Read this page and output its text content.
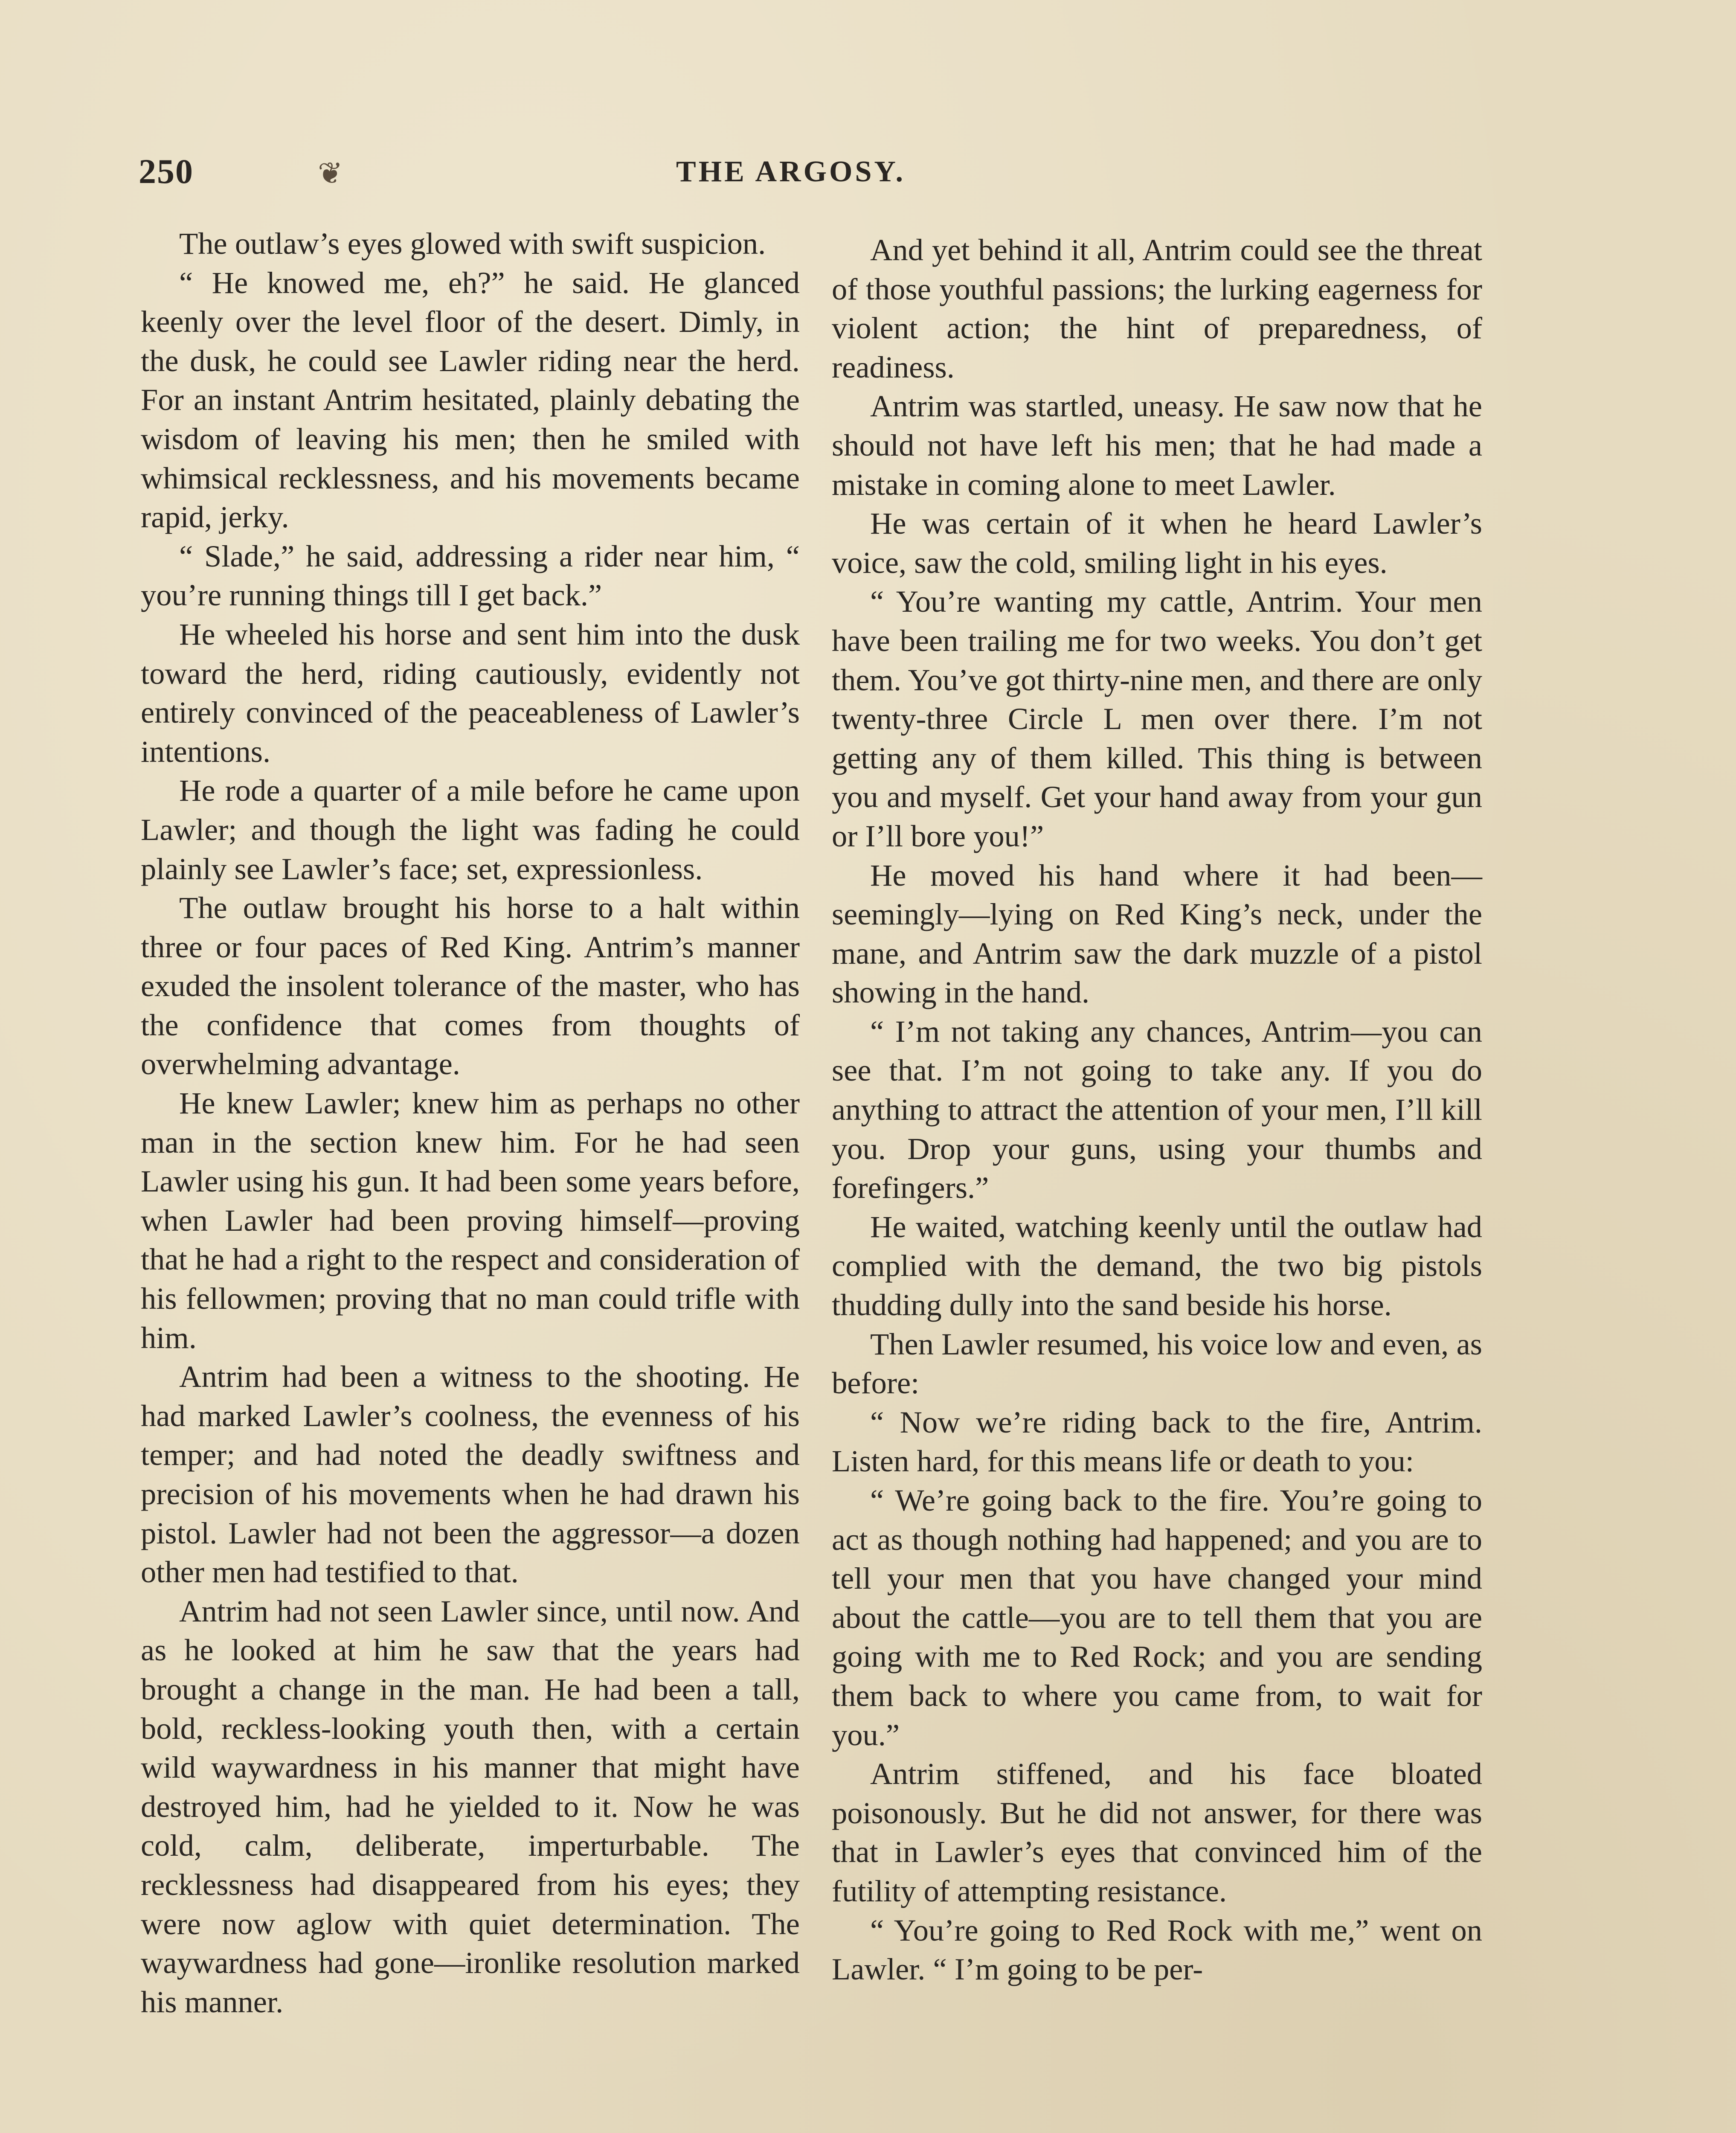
250	❦	THE ARGOSY.

The outlaw’s eyes glowed with swift suspicion.

“ He knowed me, eh?” he said. He glanced keenly over the level floor of the desert. Dimly, in the dusk, he could see Lawler riding near the herd. For an instant Antrim hesitated, plainly debating the wisdom of leaving his men; then he smiled with whimsical recklessness, and his movements became rapid, jerky.

“ Slade,” he said, addressing a rider near him, “ you’re running things till I get back.”

He wheeled his horse and sent him into the dusk toward the herd, riding cautiously, evidently not entirely convinced of the peaceableness of Lawler’s intentions.

He rode a quarter of a mile before he came upon Lawler; and though the light was fading he could plainly see Lawler’s face; set, expressionless.

The outlaw brought his horse to a halt within three or four paces of Red King. Antrim’s manner exuded the insolent tolerance of the master, who has the confidence that comes from thoughts of overwhelming advantage.

He knew Lawler; knew him as perhaps no other man in the section knew him. For he had seen Lawler using his gun. It had been some years before, when Lawler had been proving himself—proving that he had a right to the respect and consideration of his fellowmen; proving that no man could trifle with him.

Antrim had been a witness to the shooting. He had marked Lawler’s coolness, the evenness of his temper; and had noted the deadly swiftness and precision of his movements when he had drawn his pistol. Lawler had not been the aggressor—a dozen other men had testified to that.

Antrim had not seen Lawler since, until now. And as he looked at him he saw that the years had brought a change in the man. He had been a tall, bold, reckless-looking youth then, with a certain wild waywardness in his manner that might have destroyed him, had he yielded to it. Now he was cold, calm, deliberate, imperturbable. The recklessness had disappeared from his eyes; they were now aglow with quiet determination. The waywardness had gone—ironlike resolution marked his manner.

And yet behind it all, Antrim could see the threat of those youthful passions; the lurking eagerness for violent action; the hint of preparedness, of readiness.

Antrim was startled, uneasy. He saw now that he should not have left his men; that he had made a mistake in coming alone to meet Lawler.

He was certain of it when he heard Lawler’s voice, saw the cold, smiling light in his eyes.

“ You’re wanting my cattle, Antrim. Your men have been trailing me for two weeks. You don’t get them. You’ve got thirty-nine men, and there are only twenty-three Circle L men over there. I’m not getting any of them killed. This thing is between you and myself. Get your hand away from your gun or I’ll bore you!”

He moved his hand where it had been—seemingly—lying on Red King’s neck, under the mane, and Antrim saw the dark muzzle of a pistol showing in the hand.

“ I’m not taking any chances, Antrim—you can see that. I’m not going to take any. If you do anything to attract the attention of your men, I’ll kill you. Drop your guns, using your thumbs and forefingers.”

He waited, watching keenly until the outlaw had complied with the demand, the two big pistols thudding dully into the sand beside his horse.

Then Lawler resumed, his voice low and even, as before:

“ Now we’re riding back to the fire, Antrim. Listen hard, for this means life or death to you:

“ We’re going back to the fire. You’re going to act as though nothing had happened; and you are to tell your men that you have changed your mind about the cattle—you are to tell them that you are going with me to Red Rock; and you are sending them back to where you came from, to wait for you.”

Antrim stiffened, and his face bloated poisonously. But he did not answer, for there was that in Lawler’s eyes that convinced him of the futility of attempting resistance.

“ You’re going to Red Rock with me,” went on Lawler. “ I’m going to be per-
